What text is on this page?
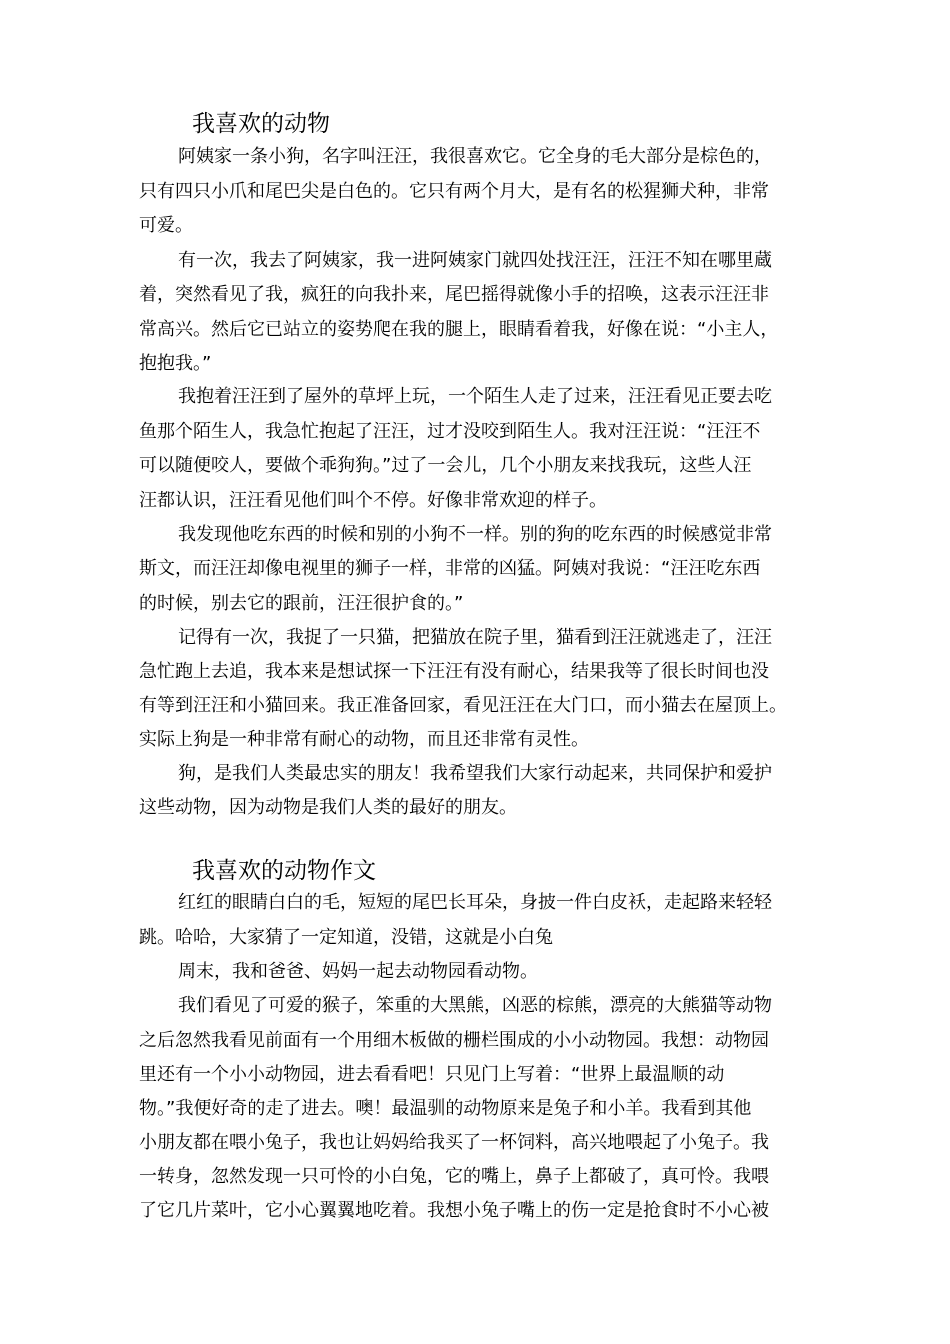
我喜欢的动物

阿姨家一条小狗，名字叫汪汪，我很喜欢它。它全身的毛大部分是棕色的，

只有四只小爪和尾巴尖是白色的。它只有两个月大，是有名的松猩狮犬种，非常

可爱。

有一次，我去了阿姨家，我一进阿姨家门就四处找汪汪，汪汪不知在哪里蔵

着，突然看见了我，疯狂的向我扑来，尾巴摇得就像小手的招唤，这表示汪汪非

常高兴。然后它已站立的姿势爬在我的腿上，眼睛看着我，好像在说：“小主人，

抱抱我。”

我抱着汪汪到了屋外的草坪上玩，一个陌生人走了过来，汪汪看见正要去吃

鱼那个陌生人，我急忙抱起了汪汪，过才没咬到陌生人。我对汪汪说：“汪汪不

可以随便咬人，要做个乖狗狗。”过了一会儿，几个小朋友来找我玩，这些人汪

汪都认识，汪汪看见他们叫个不停。好像非常欢迎的样子。

我发现他吃东西的时候和别的小狗不一样。别的狗的吃东西的时候感觉非常

斯文，而汪汪却像电视里的狮子一样，非常的凶猛。阿姨对我说：“汪汪吃东西

的时候，别去它的跟前，汪汪很护食的。”

记得有一次，我捉了一只猫，把猫放在院子里，猫看到汪汪就逃走了，汪汪

急忙跑上去追，我本来是想试探一下汪汪有没有耐心，结果我等了很长时间也没

有等到汪汪和小猫回来。我正准备回家，看见汪汪在大门口，而小猫去在屋顶上。

实际上狗是一种非常有耐心的动物，而且还非常有灵性。

狗，是我们人类最忠实的朋友！我希望我们大家行动起来，共同保护和爱护

这些动物，因为动物是我们人类的最好的朋友。

我喜欢的动物作文

红红的眼睛白白的毛，短短的尾巴长耳朵，身披一件白皮袄，走起路来轻轻

跳。哈哈，大家猜了一定知道，没错，这就是小白兔

周末，我和爸爸、妈妈一起去动物园看动物。

我们看见了可爱的猴子，笨重的大黑熊，凶恶的棕熊，漂亮的大熊猫等动物

之后忽然我看见前面有一个用细木板做的栅栏围成的小小动物园。我想：动物园

里还有一个小小动物园，进去看看吧！只见门上写着：“世界上最温顺的动

物。”我便好奇的走了进去。噢！最温驯的动物原来是兔子和小羊。我看到其他

小朋友都在喂小兔子，我也让妈妈给我买了一杯饲料，高兴地喂起了小兔子。我

一转身，忽然发现一只可怜的小白兔，它的嘴上，鼻子上都破了，真可怜。我喂

了它几片菜叶，它小心翼翼地吃着。我想小兔子嘴上的伤一定是抢食时不小心被
